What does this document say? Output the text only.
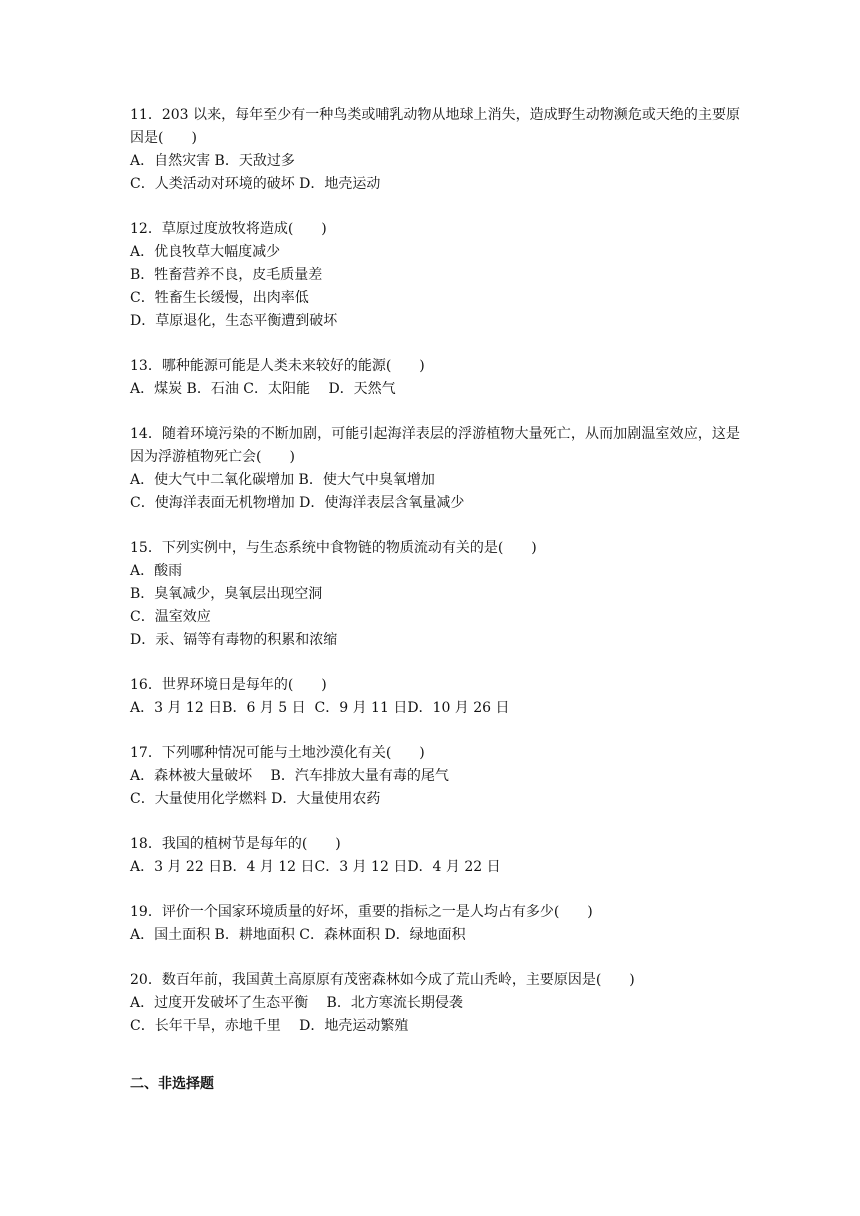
11．203 以来，每年至少有一种鸟类或哺乳动物从地球上消失，造成野生动物濒危或天绝的主要原因是(　　)

A．自然灾害 B．天敌过多

C．人类活动对环境的破坏 D．地壳运动

12．草原过度放牧将造成(　　)

A．优良牧草大幅度减少

B．牲畜营养不良，皮毛质量差

C．牲畜生长缓慢，出肉率低

D．草原退化，生态平衡遭到破坏

13．哪种能源可能是人类未来较好的能源(　　)

A．煤炭 B．石油 C．太阳能　 D．天然气

14．随着环境污染的不断加剧，可能引起海洋表层的浮游植物大量死亡，从而加剧温室效应，这是因为浮游植物死亡会(　　)

A．使大气中二氧化碳增加 B．使大气中臭氧增加

C．使海洋表面无机物增加 D．使海洋表层含氧量减少

15．下列实例中，与生态系统中食物链的物质流动有关的是(　　)

A．酸雨

B．臭氧减少，臭氧层出现空洞

C．温室效应

D．汞、镉等有毒物的积累和浓缩

16．世界环境日是每年的(　　)

A．3 月 12 日B．6 月 5 日  C．9 月 11 日D．10 月 26 日

17．下列哪种情况可能与土地沙漠化有关(　　)

A．森林被大量破坏　 B．汽车排放大量有毒的尾气

C．大量使用化学燃料 D．大量使用农药

18．我国的植树节是每年的(　　)

A．3 月 22 日B．4 月 12 日C．3 月 12 日D．4 月 22 日

19．评价一个国家环境质量的好坏，重要的指标之一是人均占有多少(　　)

A．国土面积 B．耕地面积 C．森林面积 D．绿地面积

20．数百年前，我国黄土高原原有茂密森林如今成了荒山秃岭，主要原因是(　　)

A．过度开发破坏了生态平衡　 B．北方寒流长期侵袭

C．长年干旱，赤地千里　 D．地壳运动繁殖

二、非选择题
